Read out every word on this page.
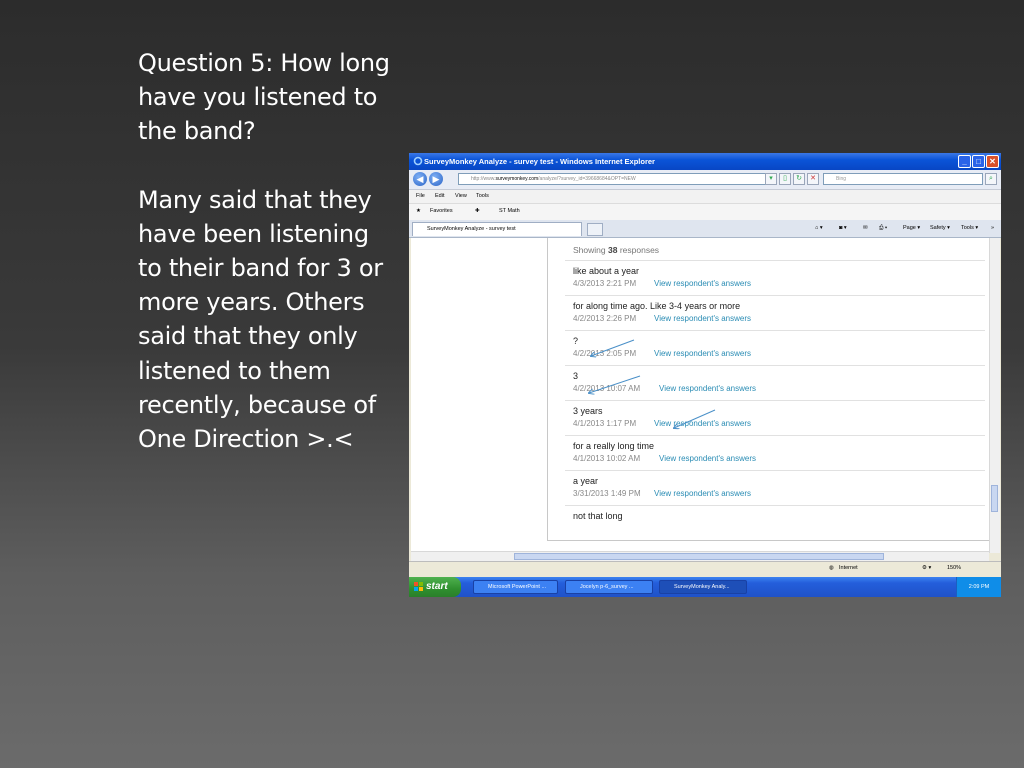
Question 5: How long have you listened to the band?

Many said that they have been listening to their band for 3 or more years. Others said that they only listened to them recently, because of One Direction >.<

SurveyMonkey Analyze - survey test - Windows Internet Explorer	_	□	✕
◀	▶	http://www.surveymonkey.com/analyze/?survey_id=39668684&OPT=NEW	▾	▯	↻	✕	Bing	⌕
File Edit View Tools
★ Favorites	✚	ST Math
SurveyMonkey Analyze - survey test	⌂ ▾	◙ ▾	✉ ⎙ ▾	Page ▾ Safety ▾ Tools ▾ »
Showing 38 responses
like about a year
4/3/2013 2:21 PM View respondent's answers
for along time ago. Like 3-4 years or more
4/2/2013 2:26 PM View respondent's answers
?
4/2/2013 2:05 PM View respondent's answers
3
4/2/2013 10:07 AM View respondent's answers
3 years
4/1/2013 1:17 PM View respondent's answers
for a really long time
4/1/2013 10:02 AM View respondent's answers
a year
3/31/2013 1:49 PM View respondent's answers
not that long
◍ Internet	⚙ ▾	150%
start	Microsoft PowerPoint ...	Jocelyn p-6_survey ...	SurveyMonkey Analy...	2:09 PM
